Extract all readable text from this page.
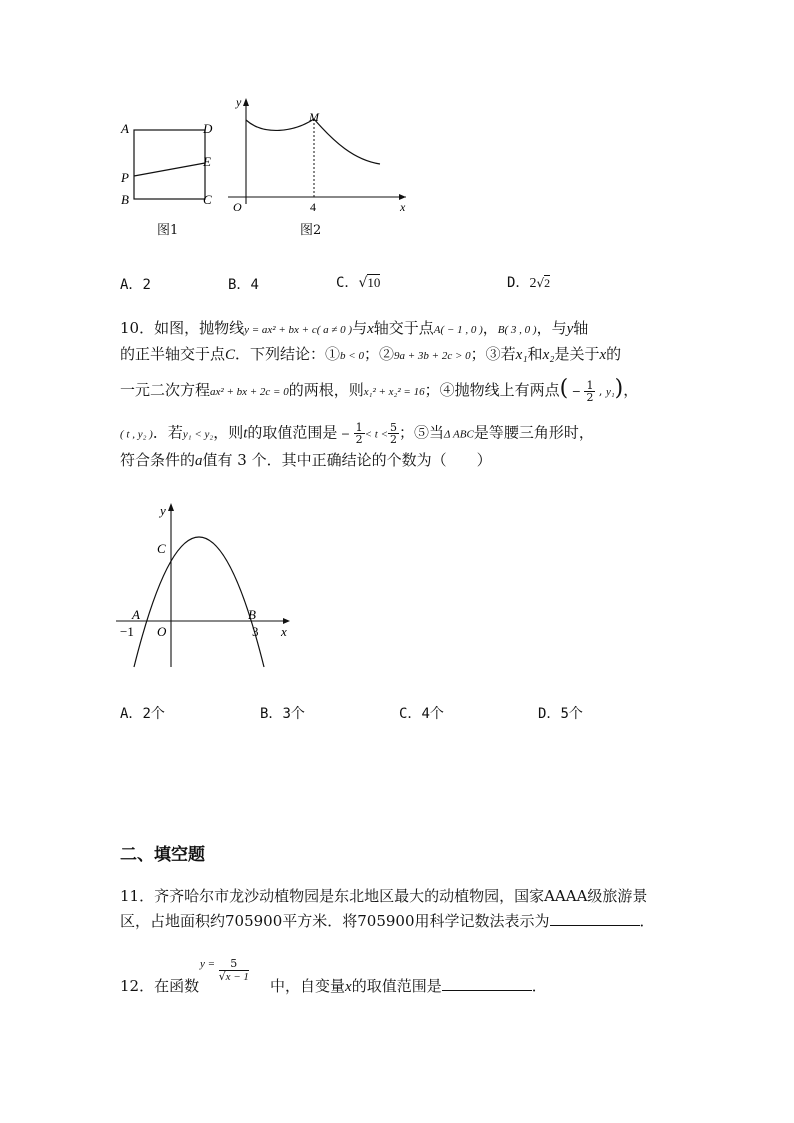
A	D
P
E
B	C
图1
y
M
O	4	x
图2
A．2	B．4	C．√10	D．2√2
10．如图，抛物线y = ax² + bx + c( a ≠ 0 )与x轴交于点A( − 1 , 0 )，B( 3 , 0 )，与y轴
的正半轴交于点C．下列结论：①b < 0；②9a + 3b + 2c > 0；③若x₁和x₂是关于x的
一元二次方程ax² + bx + 2c = 0的两根，则x₁² + x₂² = 16；④抛物线上有两点( − $\frac{1}{2}$ , y₁)，
( t , y₂ )．若y₁ < y₂，则t的取值范围是 − $\frac{1}{2} < t < \frac{5}{2}$ ；⑤当Δ ABC是等腰三角形时，
符合条件的a值有 3 个．其中正确结论的个数为（　　）
y
C
A	B
−1 O	3 x
A．2个	B．3个	C．4个	D．5个
二、填空题
11．齐齐哈尔市龙沙动植物园是东北地区最大的动植物园，国家AAAA级旅游景
区，占地面积约705900平方米．将705900用科学记数法表示为	．
12．在函数
$y = \frac{5}{√x - 1}$
中，自变量x的取值范围是	．
